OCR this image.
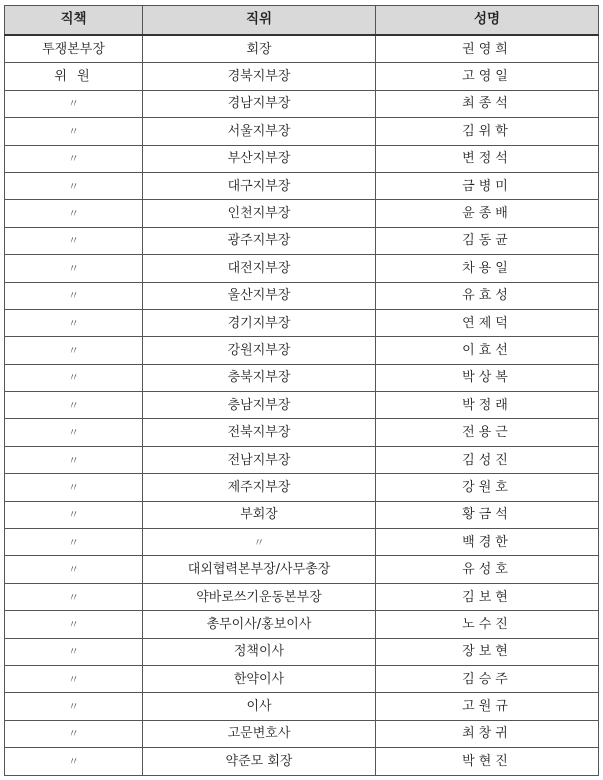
직책	직위	성명
투쟁본부장	회장	권영희
위 원	경북지부장	고영일
〃	경남지부장	최종석
〃	서울지부장	김위학
〃	부산지부장	변정석
〃	대구지부장	금병미
〃	인천지부장	윤종배
〃	광주지부장	김동균
〃	대전지부장	차용일
〃	울산지부장	유효성
〃	경기지부장	연제덕
〃	강원지부장	이효선
〃	충북지부장	박상복
〃	충남지부장	박정래
〃	전북지부장	전용근
〃	전남지부장	김성진
〃	제주지부장	강원호
〃	부회장	황금석
〃	〃	백경한
〃	대외협력본부장/사무총장	유성호
〃	약바로쓰기운동본부장	김보현
〃	총무이사/홍보이사	노수진
〃	정책이사	장보현
〃	한약이사	김승주
〃	이사	고원규
〃	고문변호사	최창귀
〃	약준모 회장	박현진
